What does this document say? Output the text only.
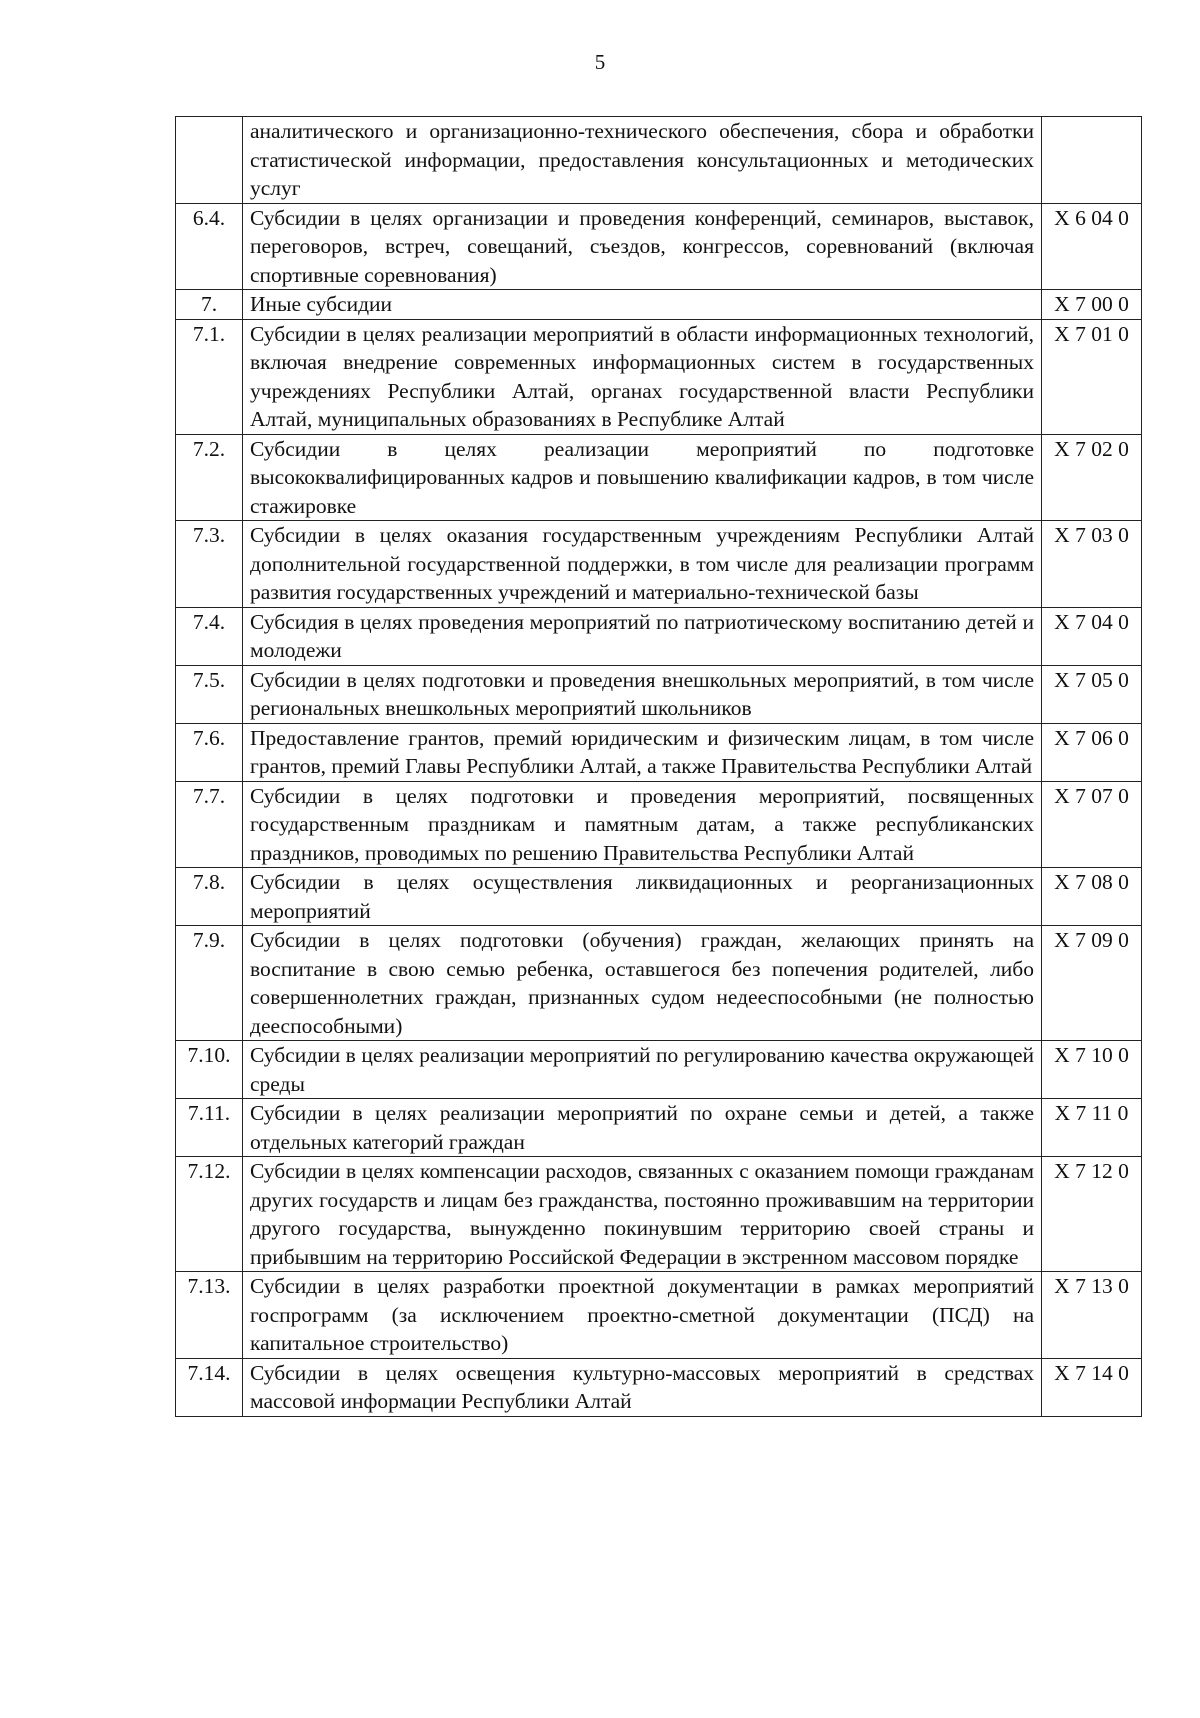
5
	аналитического и организационно-технического обеспечения, сбора и обработки статистической информации, предоставления консультационных и методических услуг	
6.4.	Субсидии в целях организации и проведения конференций, семинаров, выставок, переговоров, встреч, совещаний, съездов, конгрессов, соревнований (включая спортивные соревнования)	X 6 04 0
7.	Иные субсидии	X 7 00 0
7.1.	Субсидии в целях реализации мероприятий в области информационных технологий, включая внедрение современных информационных систем в государственных учреждениях Республики Алтай, органах государственной власти Республики Алтай, муниципальных образованиях в Республике Алтай	X 7 01 0
7.2.	Субсидии в целях реализации мероприятий по подготовке высококвалифицированных кадров и повышению квалификации кадров, в том числе стажировке	X 7 02 0
7.3.	Субсидии в целях оказания государственным учреждениям Республики Алтай дополнительной государственной поддержки, в том числе для реализации программ развития государственных учреждений и материально-технической базы	X 7 03 0
7.4.	Субсидия в целях проведения мероприятий по патриотическому воспитанию детей и молодежи	X 7 04 0
7.5.	Субсидии в целях подготовки и проведения внешкольных мероприятий, в том числе региональных внешкольных мероприятий школьников	X 7 05 0
7.6.	Предоставление грантов, премий юридическим и физическим лицам, в том числе грантов, премий Главы Республики Алтай, а также Правительства Республики Алтай	X 7 06 0
7.7.	Субсидии в целях подготовки и проведения мероприятий, посвященных государственным праздникам и памятным датам, а также республиканских праздников, проводимых по решению Правительства Республики Алтай	X 7 07 0
7.8.	Субсидии в целях осуществления ликвидационных и реорганизационных мероприятий	X 7 08 0
7.9.	Субсидии в целях подготовки (обучения) граждан, желающих принять на воспитание в свою семью ребенка, оставшегося без попечения родителей, либо совершеннолетних граждан, признанных судом недееспособными (не полностью дееспособными)	X 7 09 0
7.10.	Субсидии в целях реализации мероприятий по регулированию качества окружающей среды	X 7 10 0
7.11.	Субсидии в целях реализации мероприятий по охране семьи и детей, а также отдельных категорий граждан	X 7 11 0
7.12.	Субсидии в целях компенсации расходов, связанных с оказанием помощи гражданам других государств и лицам без гражданства, постоянно проживавшим на территории другого государства, вынужденно покинувшим территорию своей страны и прибывшим на территорию Российской Федерации в экстренном массовом порядке	X 7 12 0
7.13.	Субсидии в целях разработки проектной документации в рамках мероприятий госпрограмм (за исключением проектно-сметной документации (ПСД) на капитальное строительство)	X 7 13 0
7.14.	Субсидии в целях освещения культурно-массовых мероприятий в средствах массовой информации Республики Алтай	X 7 14 0
